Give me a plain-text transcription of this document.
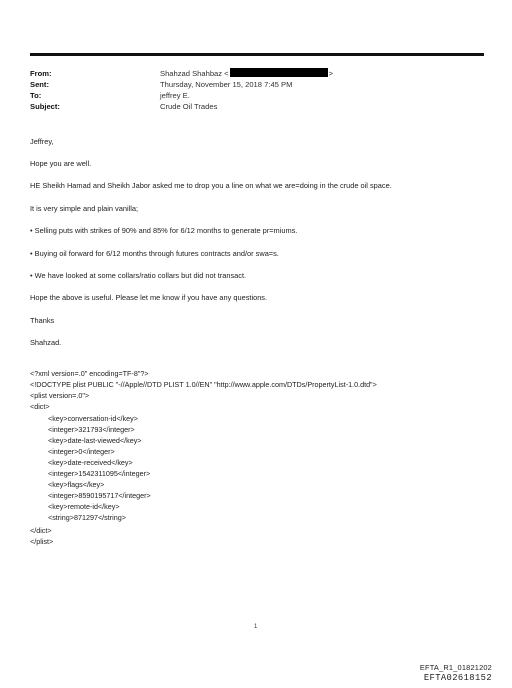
From:	Shahzad Shahbaz <	>
Sent:	Thursday, November 15, 2018 7:45 PM
To:	jeffrey E.
Subject:	Crude Oil Trades
Jeffrey,
Hope you are well.
HE Sheikh Hamad and Sheikh Jabor asked me to drop you a line on what we are=doing in the crude oil space.
It is very simple and plain vanilla;
• Selling puts with strikes of 90% and 85% for 6/12 months to generate pr=miums.
• Buying oil forward for 6/12 months through futures contracts and/or swa=s.
• We have looked at some collars/ratio collars but did not transact.
Hope the above is useful. Please let me know if you have any questions.
Thanks
Shahzad.
<?xml version=.0" encoding=TF-8"?>
<!DOCTYPE plist PUBLIC "-//Apple//DTD PLIST 1.0//EN" "http://www.apple.com/DTDs/PropertyList-1.0.dtd">
<plist version=.0">
<dict>
<key>conversation-id</key>
<integer>321793</integer>
<key>date-last-viewed</key>
<integer>0</integer>
<key>date-received</key>
<integer>1542311095</integer>
<key>flags</key>
<integer>8590195717</integer>
<key>remote-id</key>
<string>871297</string>
</dict>
</plist>
1
EFTA_R1_01821202
EFTA02618152
